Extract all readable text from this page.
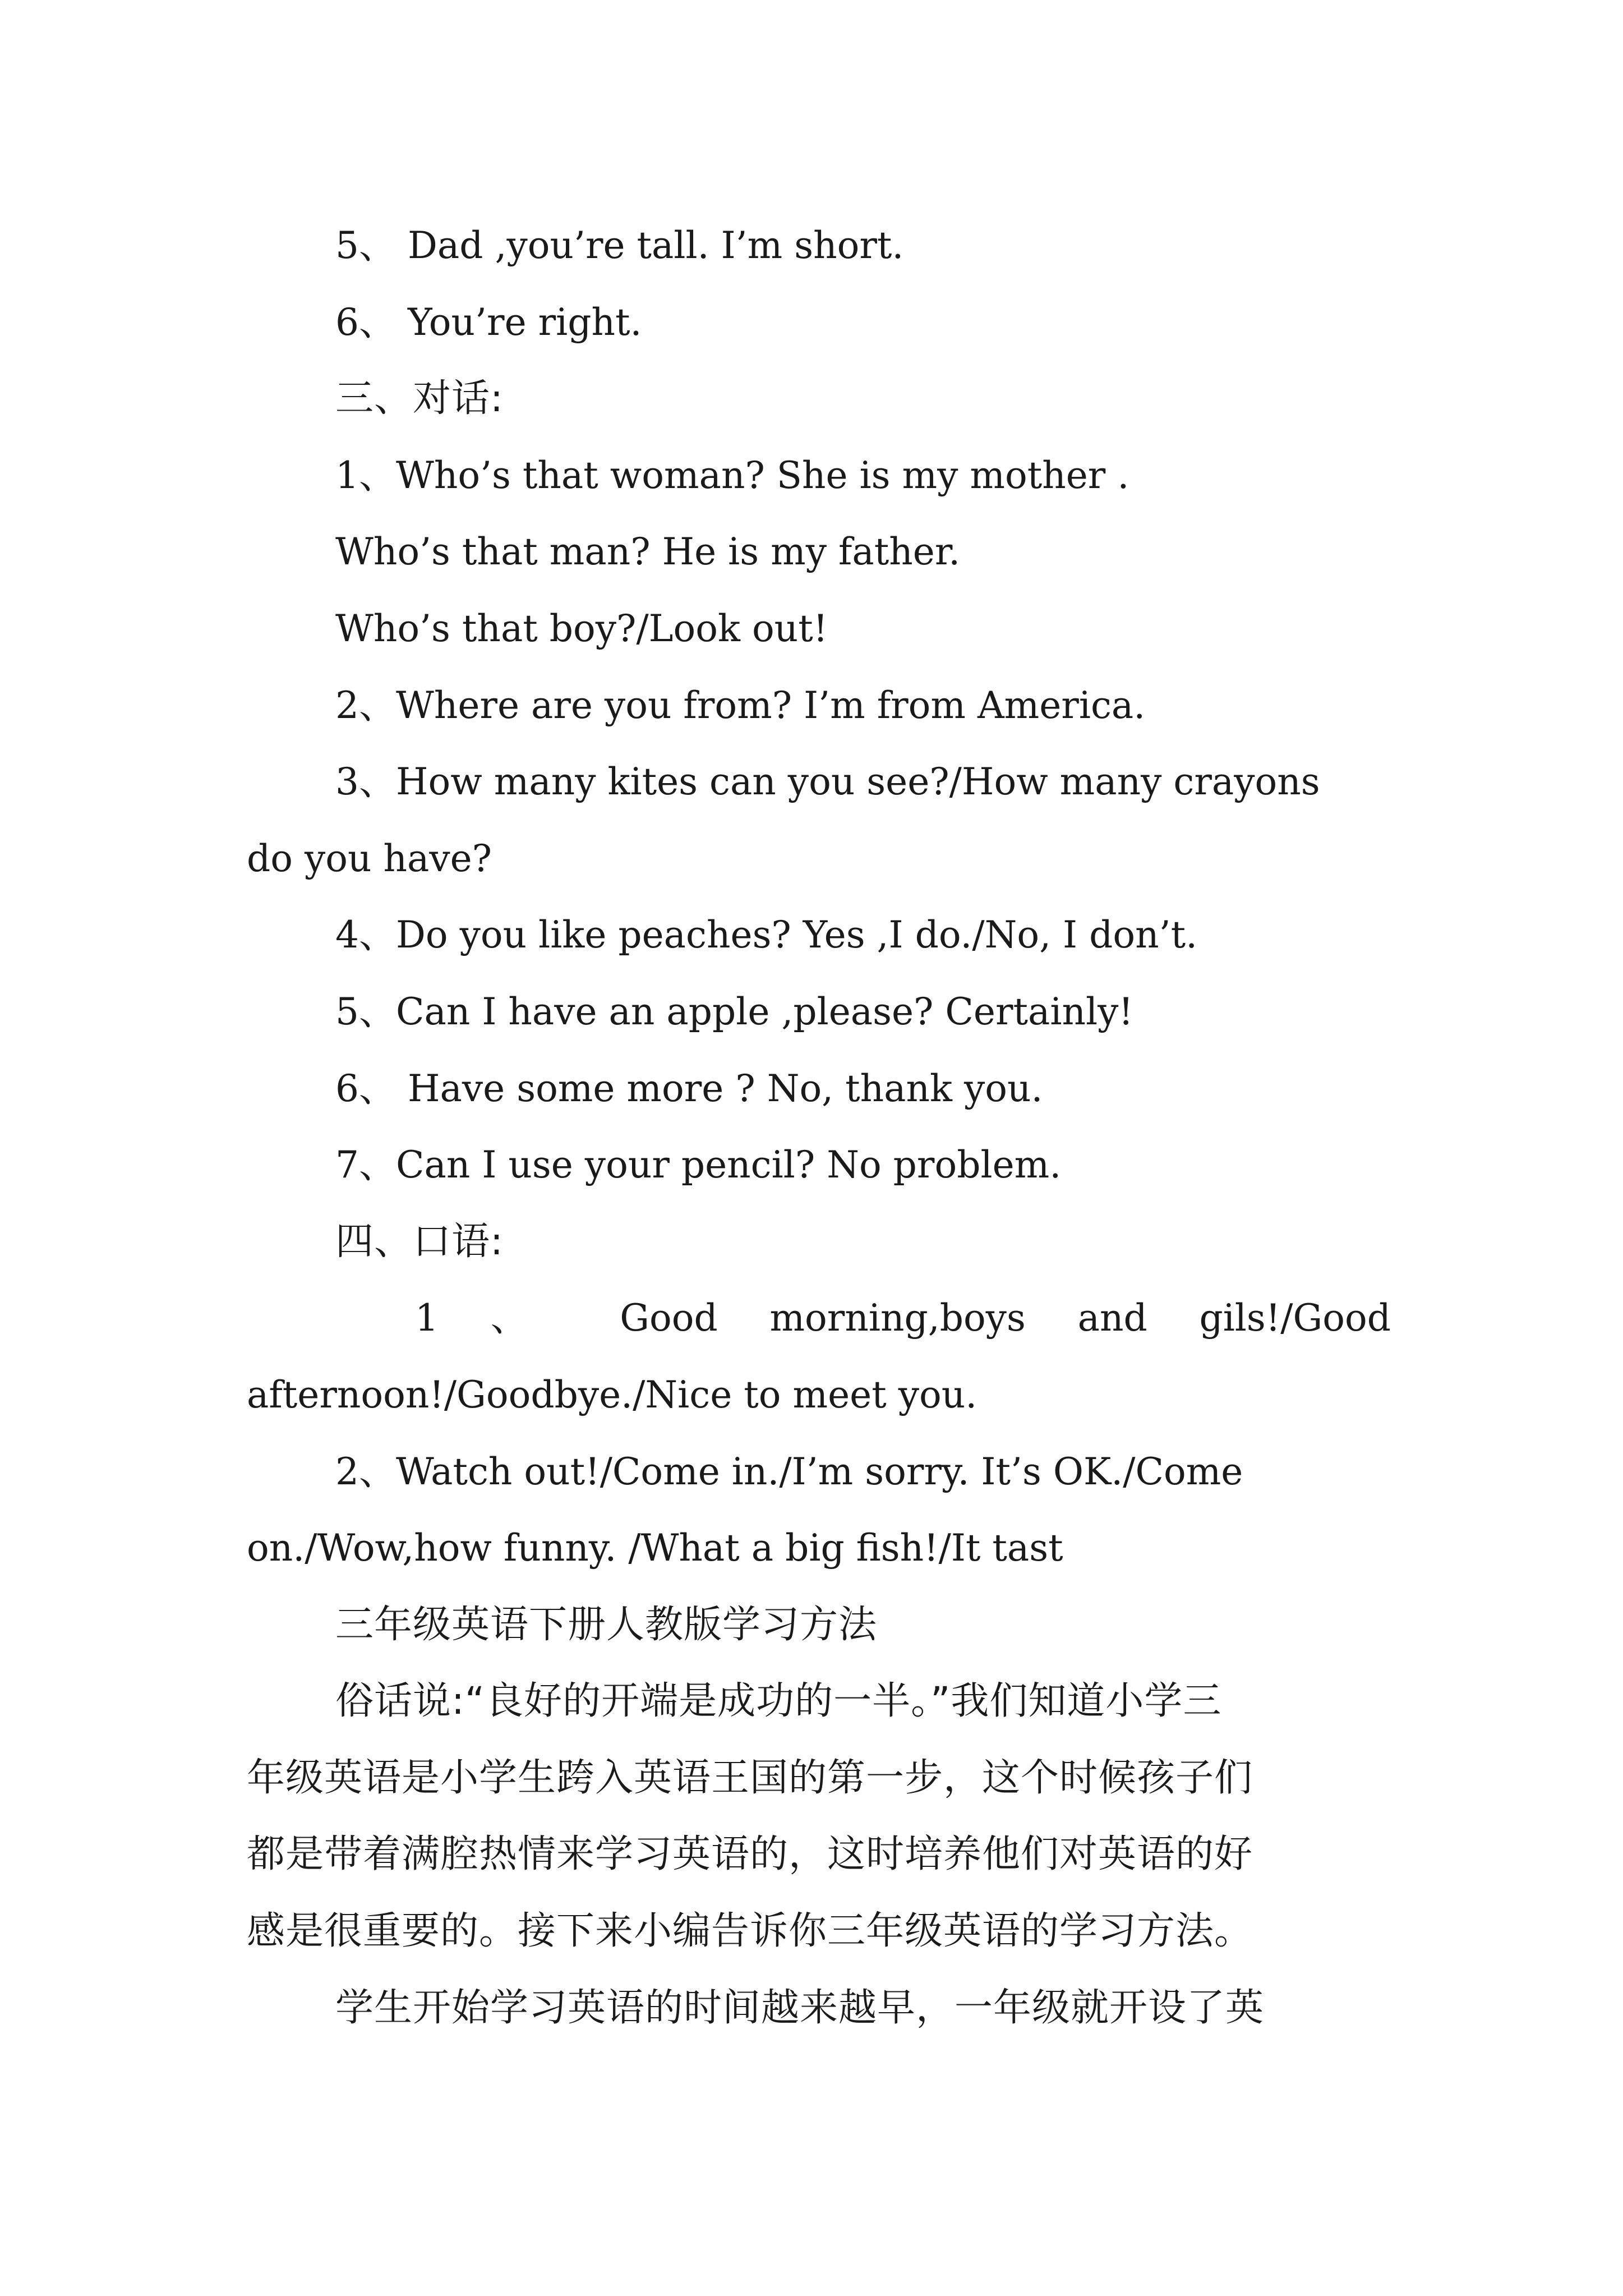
5、 Dad ,you’re tall. I’m short.
6、 You’re right.
三、对话:
1、Who’s that woman? She is my mother .
Who’s that man? He is my father.
Who’s that boy?/Look out!
2、Where are you from? I’m from America.
3、How many kites can you see?/How many crayons
do you have?
4、Do you like peaches? Yes ,I do./No, I don’t.
5、Can I have an apple ,please? Certainly!
6、 Have some more ? No, thank you.
7、Can I use your pencil? No problem.
四、口语:
1 、 Good morning,boys and gils!/Good
afternoon!/Goodbye./Nice to meet you.
2、Watch out!/Come in./I’m sorry. It’s OK./Come
on./Wow,how funny. /What a big fish!/It tast
三年级英语下册人教版学习方法
俗话说:“良好的开端是成功的一半。”我们知道小学三
年级英语是小学生跨入英语王国的第一步，这个时候孩子们
都是带着满腔热情来学习英语的，这时培养他们对英语的好
感是很重要的。接下来小编告诉你三年级英语的学习方法。
学生开始学习英语的时间越来越早，一年级就开设了英
